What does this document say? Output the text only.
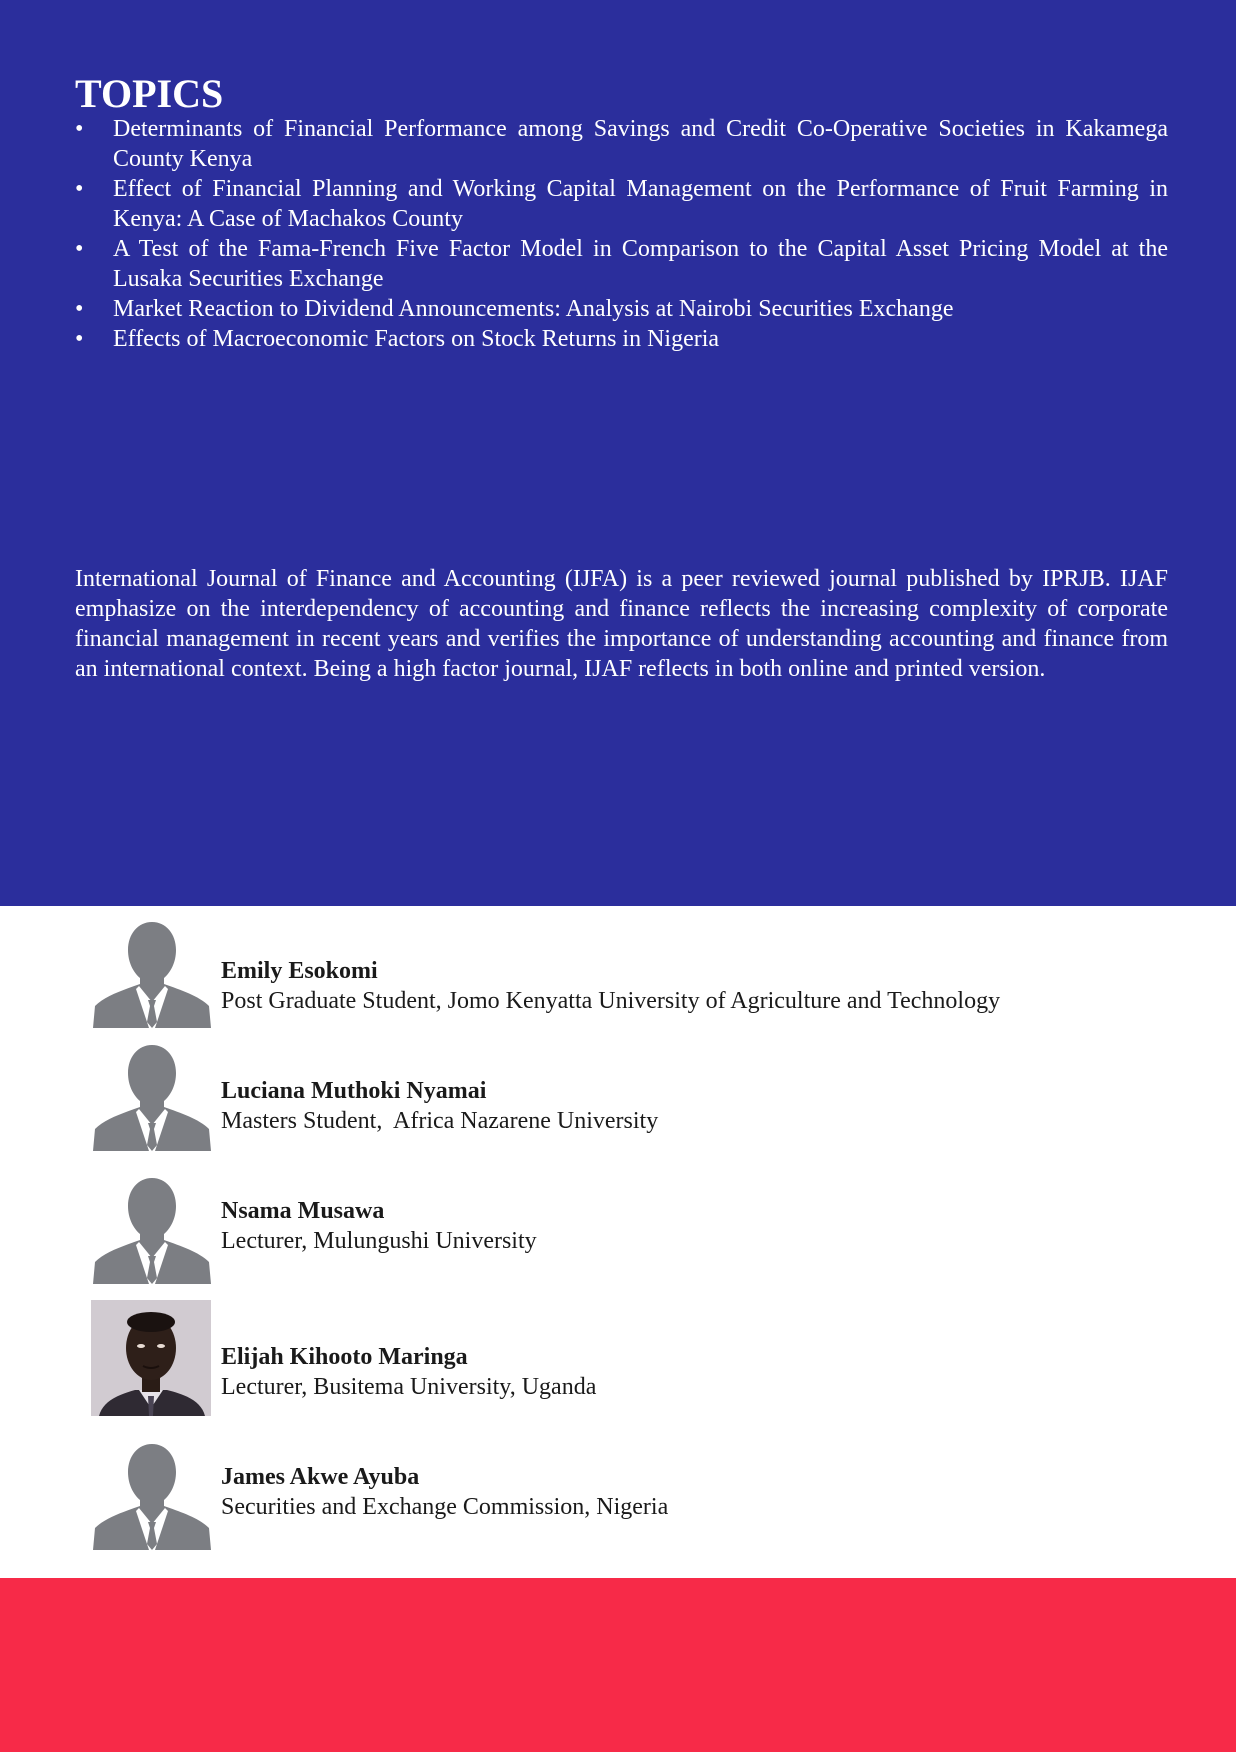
TOPICS
• Determinants of Financial Performance among Savings and Credit Co-Operative Societies in Kakamega County Kenya
• Effect of Financial Planning and Working Capital Management on the Performance of Fruit Farming in Kenya: A Case of Machakos County
• A Test of the Fama-French Five Factor Model in Comparison to the Capital Asset Pricing Model at the Lusaka Securities Exchange
• Market Reaction to Dividend Announcements: Analysis at Nairobi Securities Exchange
• Effects of Macroeconomic Factors on Stock Returns in Nigeria

International Journal of Finance and Accounting (IJFA) is a peer reviewed journal published by IPRJB. IJAF emphasize on the interdependency of accounting and finance reflects the increasing complexity of corporate financial management in recent years and verifies the importance of understanding accounting and finance from an international context. Being a high factor journal, IJAF reflects in both online and printed version.

Emily Esokomi
Post Graduate Student, Jomo Kenyatta University of Agriculture and Technology
Luciana Muthoki Nyamai
Masters Student,  Africa Nazarene University
Nsama Musawa
Lecturer, Mulungushi University
Elijah Kihooto Maringa
Lecturer, Busitema University, Uganda
James Akwe Ayuba
Securities and Exchange Commission, Nigeria
